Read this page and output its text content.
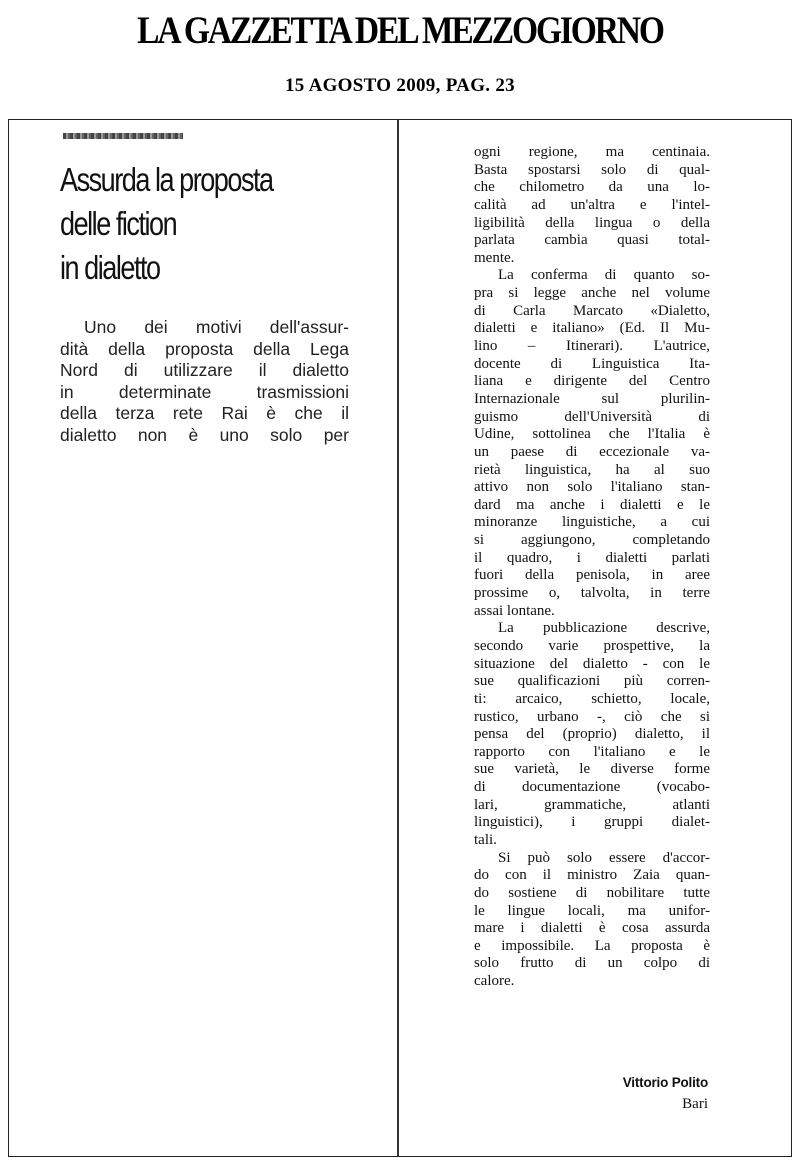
LA GAZZETTA DEL MEZZOGIORNO
15 AGOSTO 2009, PAG. 23
Assurda la proposta
delle fiction
in dialetto
Uno dei motivi dell'assur-
dità della proposta della Lega
Nord di utilizzare il dialetto
in determinate trasmissioni
della terza rete Rai è che il
dialetto non è uno solo per
ogni regione, ma centinaia.
Basta spostarsi solo di qual-
che chilometro da una lo-
calità ad un'altra e l'intel-
ligibilità della lingua o della
parlata cambia quasi total-
mente.
La conferma di quanto so-
pra si legge anche nel volume
di Carla Marcato «Dialetto,
dialetti e italiano» (Ed. Il Mu-
lino – Itinerari). L'autrice,
docente di Linguistica Ita-
liana e dirigente del Centro
Internazionale sul plurilin-
guismo dell'Università di
Udine, sottolinea che l'Italia è
un paese di eccezionale va-
rietà linguistica, ha al suo
attivo non solo l'italiano stan-
dard ma anche i dialetti e le
minoranze linguistiche, a cui
si aggiungono, completando
il quadro, i dialetti parlati
fuori della penisola, in aree
prossime o, talvolta, in terre
assai lontane.
La pubblicazione descrive,
secondo varie prospettive, la
situazione del dialetto - con le
sue qualificazioni più corren-
ti: arcaico, schietto, locale,
rustico, urbano -, ciò che si
pensa del (proprio) dialetto, il
rapporto con l'italiano e le
sue varietà, le diverse forme
di documentazione (vocabo-
lari, grammatiche, atlanti
linguistici), i gruppi dialet-
tali.
Si può solo essere d'accor-
do con il ministro Zaia quan-
do sostiene di nobilitare tutte
le lingue locali, ma unifor-
mare i dialetti è cosa assurda
e impossibile. La proposta è
solo frutto di un colpo di
calore.
Vittorio Polito
Bari
